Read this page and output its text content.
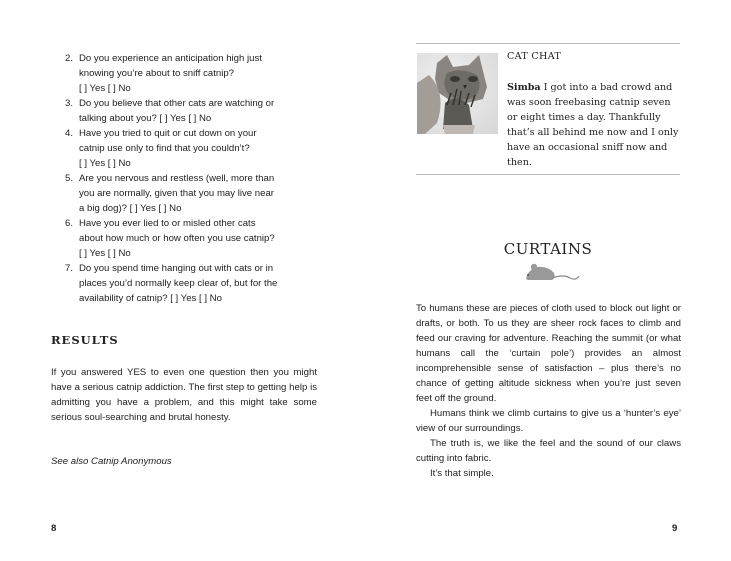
2. Do you experience an anticipation high just
knowing you’re about to sniff catnip?
[ ] Yes [ ] No
3. Do you believe that other cats are watching or
talking about you? [ ] Yes [ ] No
4. Have you tried to quit or cut down on your
catnip use only to find that you couldn’t?
[ ] Yes [ ] No
5. Are you nervous and restless (well, more than
you are normally, given that you may live near
a big dog)? [ ] Yes [ ] No
6. Have you ever lied to or misled other cats
about how much or how often you use catnip?
[ ] Yes [ ] No
7. Do you spend time hanging out with cats or in
places you’d normally keep clear of, but for the
availability of catnip? [ ] Yes [ ] No
RESULTS
If you answered YES to even one question then you might have a serious catnip addiction. The first step to getting help is admitting you have a problem, and this might take some serious soul-searching and brutal honesty.
See also Catnip Anonymous
8
CAT CHAT
Simba I got into a bad crowd and was soon freebasing catnip seven or eight times a day. Thankfully that’s all behind me now and I only have an occasional sniff now and then.
CURTAINS

To humans these are pieces of cloth used to block out light or drafts, or both. To us they are sheer rock faces to climb and feed our craving for adventure. Reaching the summit (or what humans call the ‘curtain pole’) provides an almost incomprehensible sense of satisfaction – plus there’s no chance of getting altitude sickness when you’re just seven feet off the ground.

Humans think we climb curtains to give us a ‘hunter’s eye’ view of our surroundings.

The truth is, we like the feel and the sound of our claws cutting into fabric.

It’s that simple.

9
